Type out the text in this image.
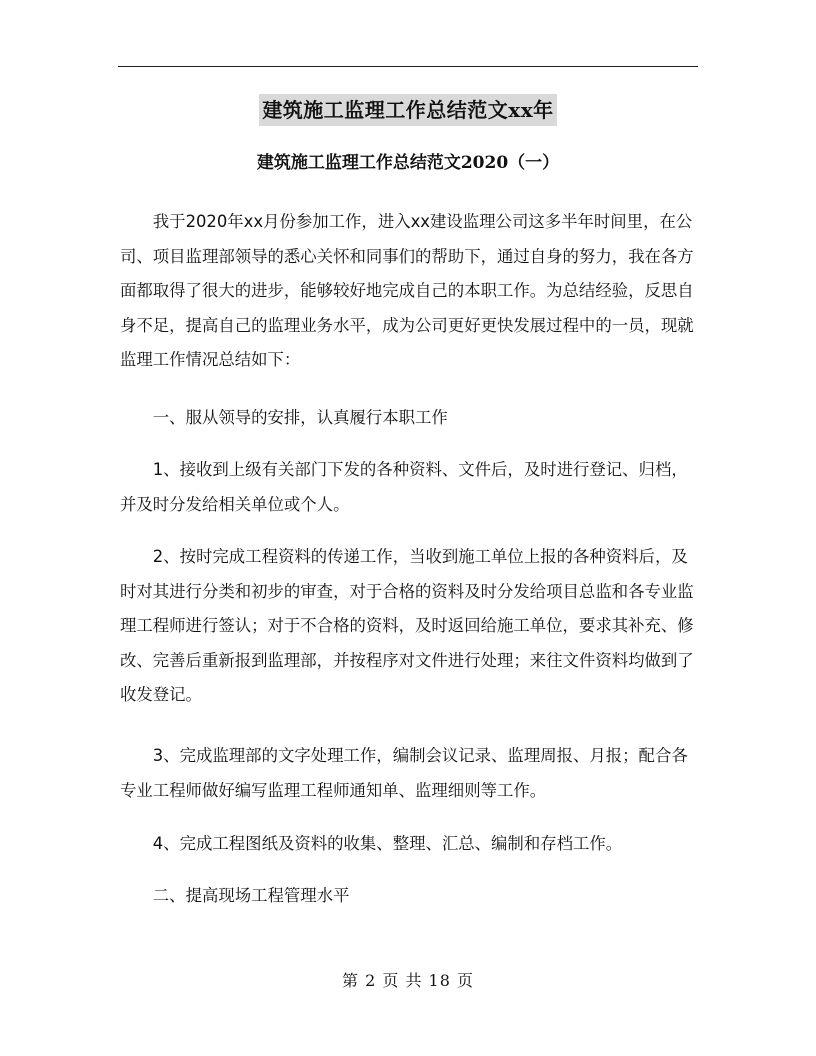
建筑施工监理工作总结范文xx年
建筑施工监理工作总结范文2020（一）

我于2020年xx月份参加工作，进入xx建设监理公司这多半年时间里，在公司、项目监理部领导的悉心关怀和同事们的帮助下，通过自身的努力，我在各方面都取得了很大的进步，能够较好地完成自己的本职工作。为总结经验，反思自身不足，提高自己的监理业务水平，成为公司更好更快发展过程中的一员，现就监理工作情况总结如下：

一、服从领导的安排，认真履行本职工作

1、接收到上级有关部门下发的各种资料、文件后，及时进行登记、归档，并及时分发给相关单位或个人。

2、按时完成工程资料的传递工作，当收到施工单位上报的各种资料后，及时对其进行分类和初步的审查，对于合格的资料及时分发给项目总监和各专业监理工程师进行签认；对于不合格的资料，及时返回给施工单位，要求其补充、修改、完善后重新报到监理部，并按程序对文件进行处理；来往文件资料均做到了收发登记。

3、完成监理部的文字处理工作，编制会议记录、监理周报、月报；配合各专业工程师做好编写监理工程师通知单、监理细则等工作。

4、完成工程图纸及资料的收集、整理、汇总、编制和存档工作。

二、提高现场工程管理水平

第 2 页 共 18 页
